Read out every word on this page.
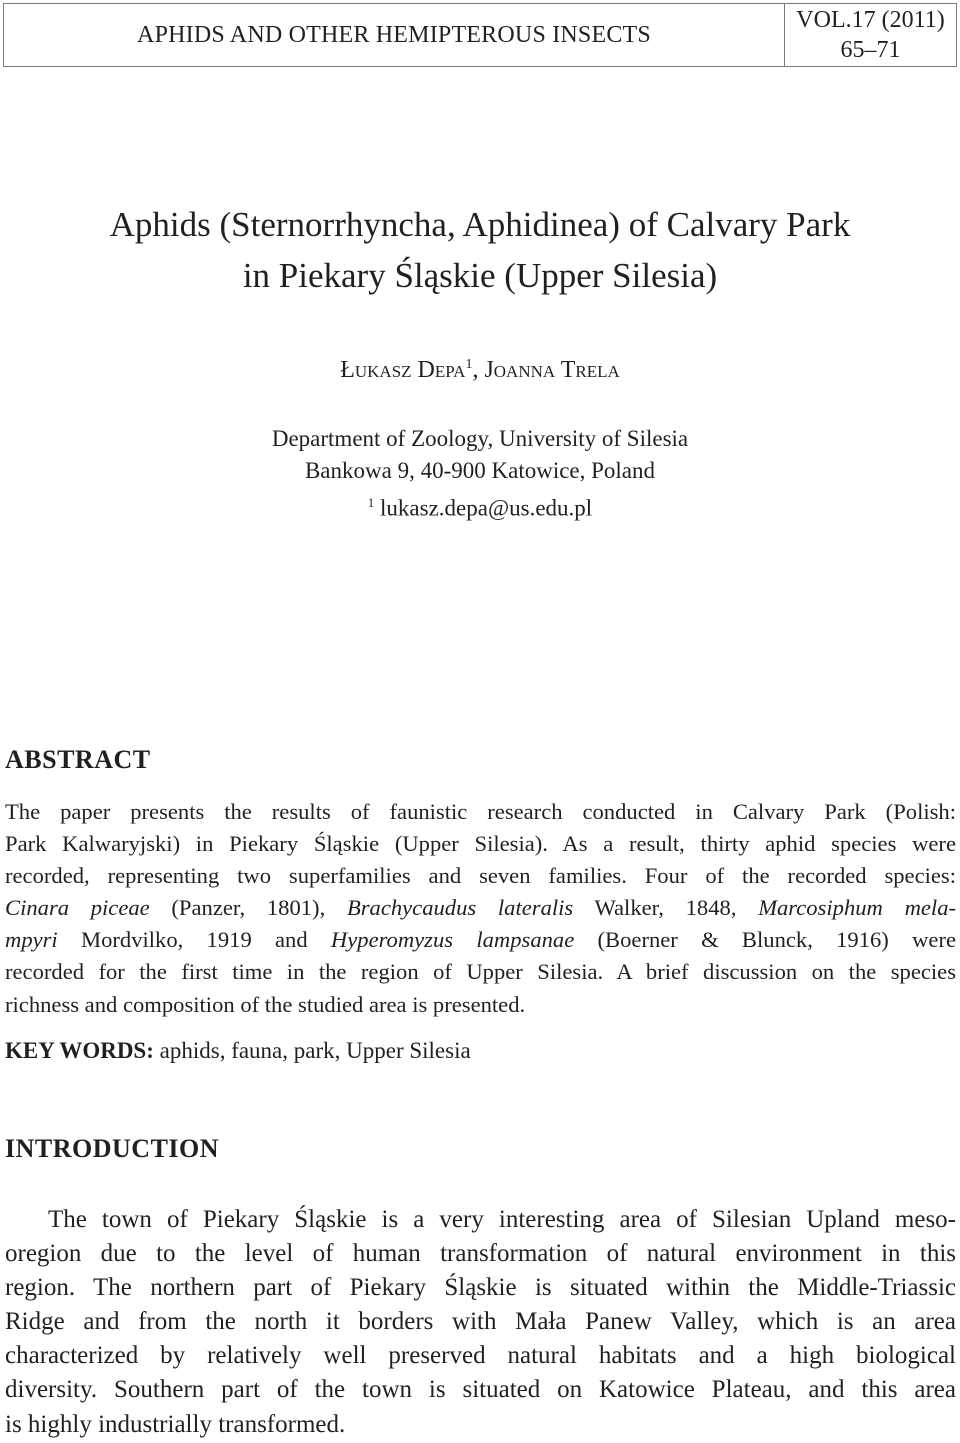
APHIDS AND OTHER HEMIPTEROUS INSECTS
VOL.17 (2011)
65–71
Aphids (Sternorrhyncha, Aphidinea) of Calvary Park
in Piekary Śląskie (Upper Silesia)
Łukasz Depa$^1$, Joanna Trela
Department of Zoology, University of Silesia
Bankowa 9, 40-900 Katowice, Poland
$^1$ lukasz.depa@us.edu.pl
ABSTRACT

The paper presents the results of faunistic research conducted in Calvary Park (Polish:
Park Kalwaryjski) in Piekary Śląskie (Upper Silesia). As a result, thirty aphid species were
recorded, representing two superfamilies and seven families. Four of the recorded species:
Cinara piceae (Panzer, 1801), Brachycaudus lateralis Walker, 1848, Marcosiphum mela-
mpyri Mordvilko, 1919 and Hyperomyzus lampsanae (Boerner & Blunck, 1916) were
recorded for the first time in the region of Upper Silesia. A brief discussion on the species
richness and composition of the studied area is presented.

KEY WORDS: aphids, fauna, park, Upper Silesia
INTRODUCTION

The town of Piekary Śląskie is a very interesting area of Silesian Upland meso-
oregion due to the level of human transformation of natural environment in this
region. The northern part of Piekary Śląskie is situated within the Middle-Triassic
Ridge and from the north it borders with Mała Panew Valley, which is an area
characterized by relatively well preserved natural habitats and a high biological
diversity. Southern part of the town is situated on Katowice Plateau, and this area
is highly industrially transformed.
